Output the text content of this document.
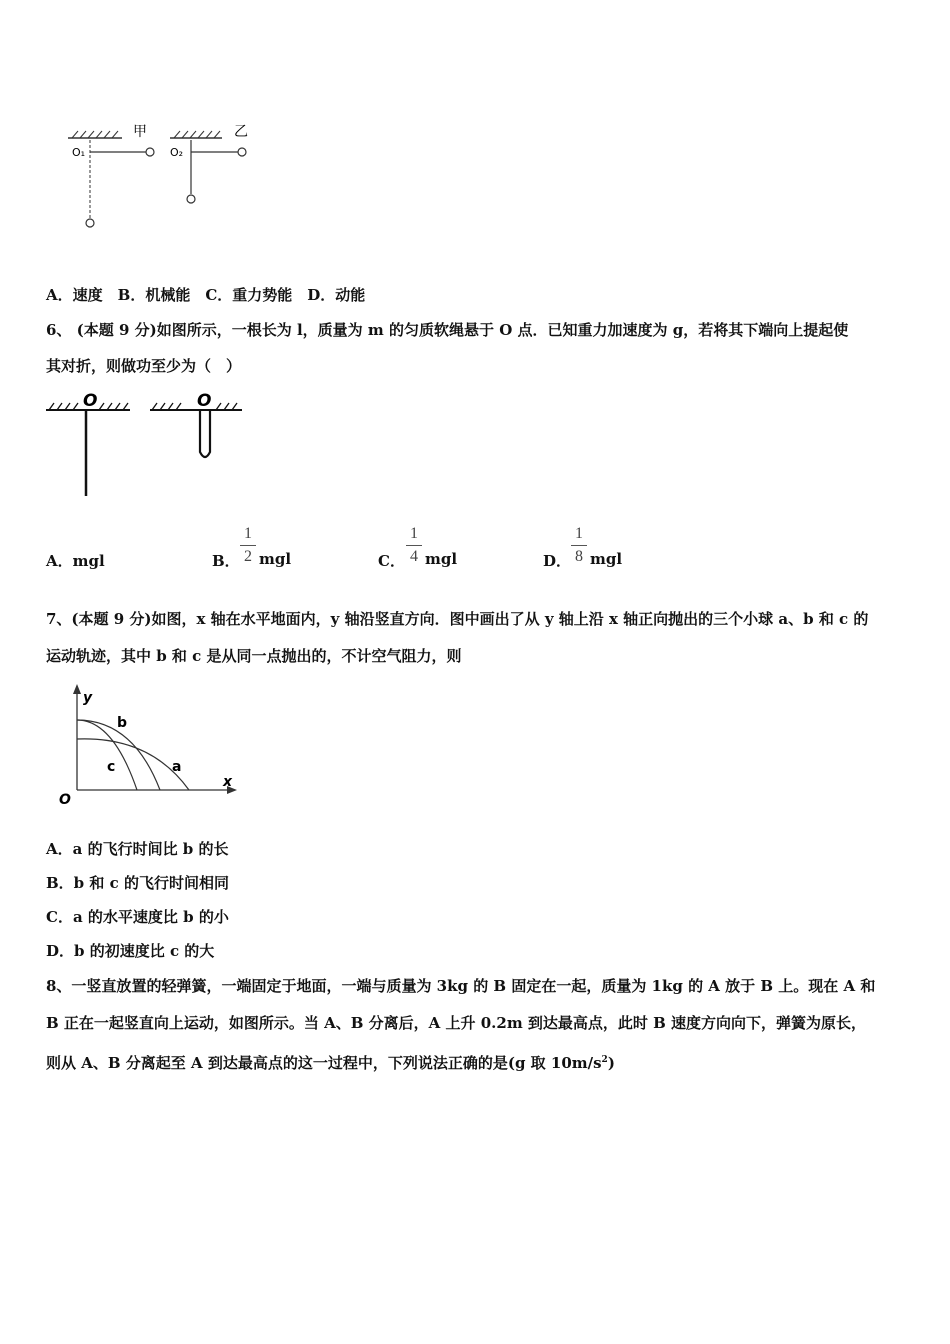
甲
O₁
乙
O₂
A．速度　B．机械能　C．重力势能　D．动能
6、 (本题 9 分)如图所示，一根长为 l，质量为 m 的匀质软绳悬于 O 点．已知重力加速度为 g，若将其下端向上提起使
其对折，则做功至少为（　）
O	O
A．mgl	B．
1
2 mgl	C．
1
4 mgl	D．
1
8 mgl
7、(本题 9 分)如图，x 轴在水平地面内，y 轴沿竖直方向．图中画出了从 y 轴上沿 x 轴正向抛出的三个小球 a、b 和 c 的
运动轨迹，其中 b 和 c 是从同一点抛出的，不计空气阻力，则
y
x
O
b
c	a
A．a 的飞行时间比 b 的长
B．b 和 c 的飞行时间相同
C．a 的水平速度比 b 的小
D．b 的初速度比 c 的大
8、一竖直放置的轻弹簧，一端固定于地面，一端与质量为 3kg 的 B 固定在一起，质量为 1kg 的 A 放于 B 上。现在 A 和
B 正在一起竖直向上运动，如图所示。当 A、B 分离后，A 上升 0.2m 到达最高点，此时 B 速度方向向下，弹簧为原长，
则从 A、B 分离起至 A 到达最高点的这一过程中，下列说法正确的是(g 取 $10m/s^2$)
